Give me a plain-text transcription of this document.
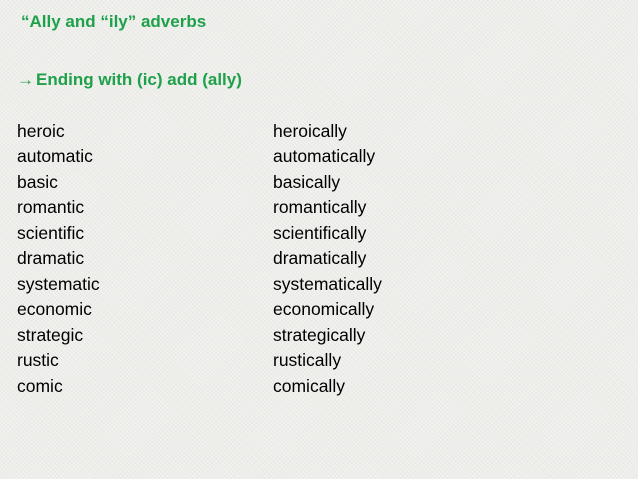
“Ally and “ily” adverbs
→ Ending with (ic) add (ally)
heroic	heroically
automatic	automatically
basic	basically
romantic	romantically
scientific	scientifically
dramatic	dramatically
systematic	systematically
economic	economically
strategic	strategically
rustic	rustically
comic	comically
